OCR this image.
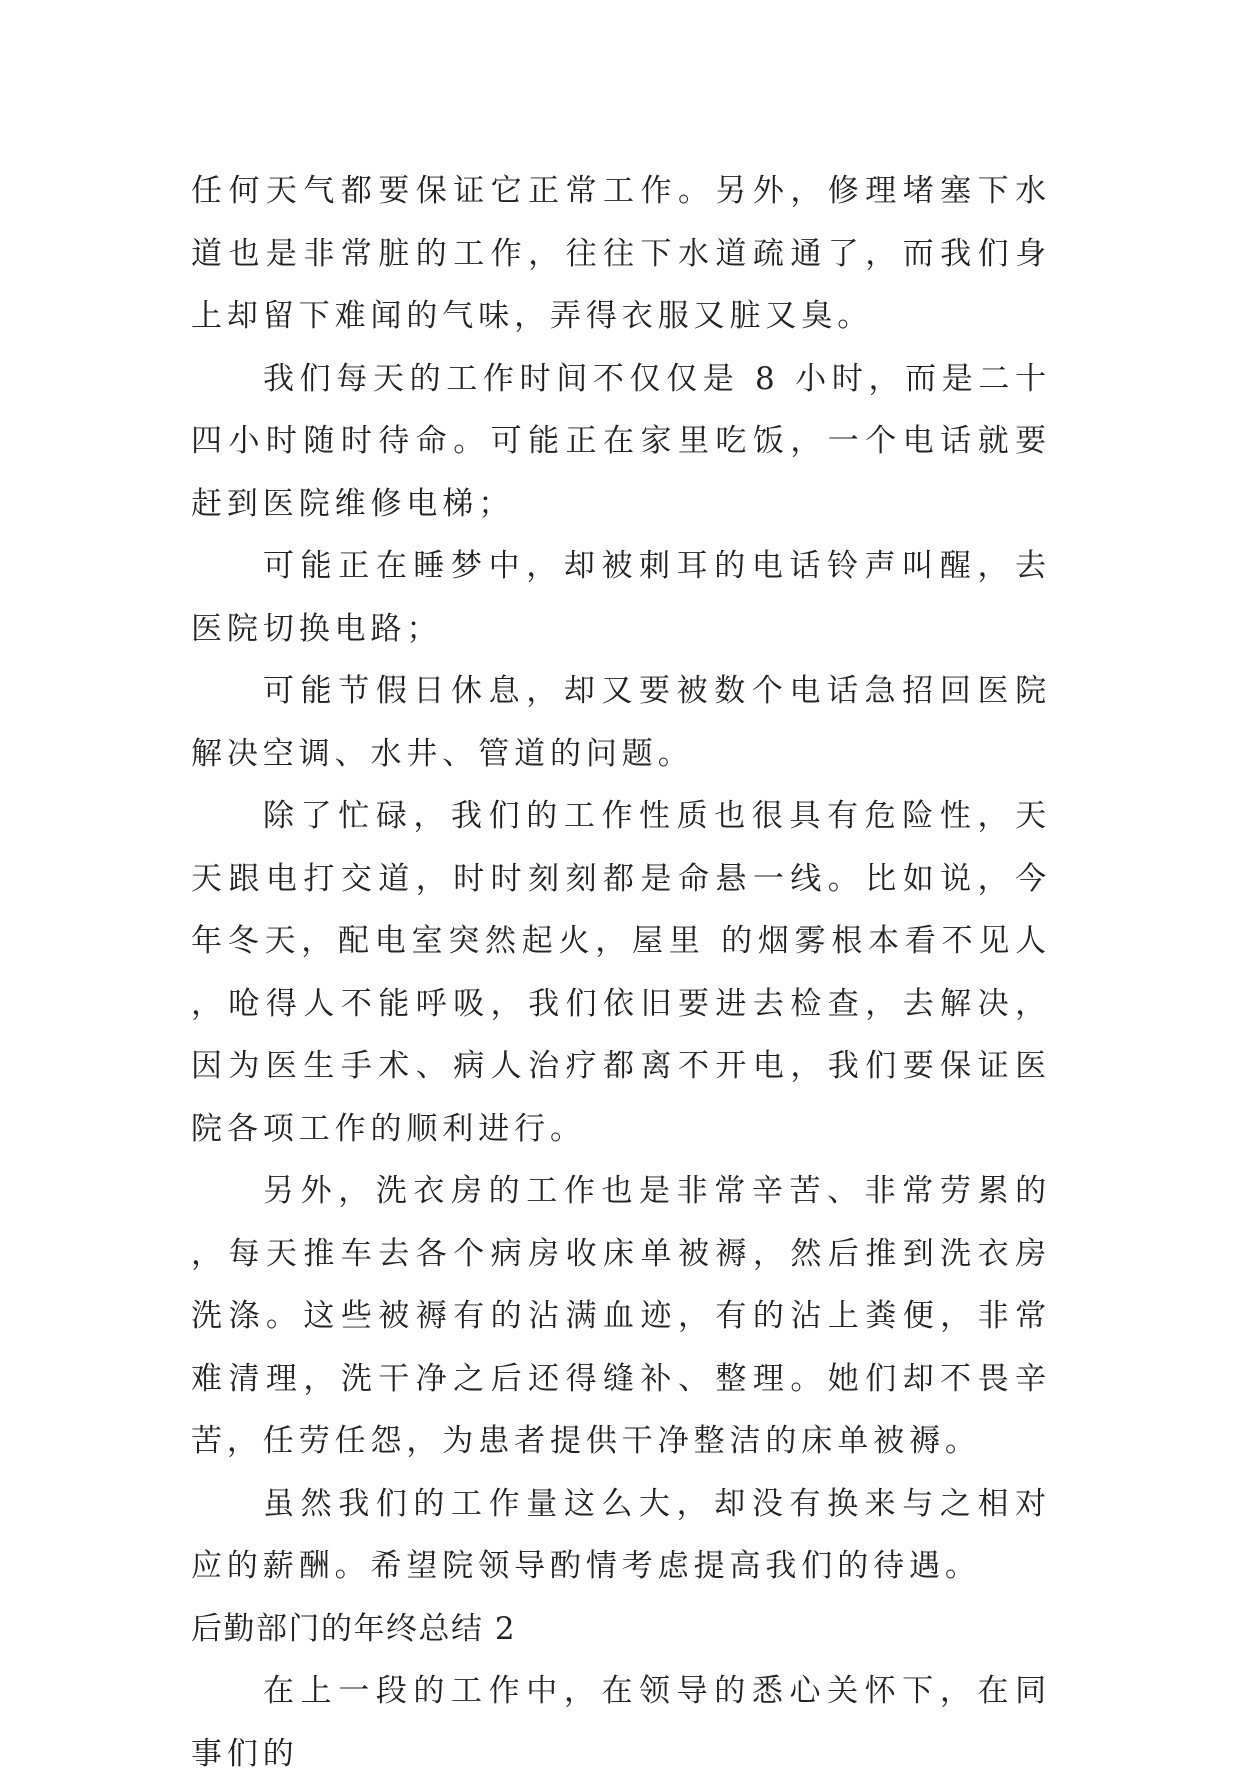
任何天气都要保证它正常工作。另外，修理堵塞下水道也是非常脏的工作，往往下水道疏通了，而我们身上却留下难闻的气味，弄得衣服又脏又臭。

我们每天的工作时间不仅仅是 8 小时，而是二十四小时随时待命。可能正在家里吃饭，一个电话就要赶到医院维修电梯；

可能正在睡梦中，却被刺耳的电话铃声叫醒，去医院切换电路；

可能节假日休息，却又要被数个电话急招回医院解决空调、水井、管道的问题。

除了忙碌，我们的工作性质也很具有危险性，天天跟电打交道，时时刻刻都是命悬一线。比如说，今年冬天，配电室突然起火，屋里 的烟雾根本看不见人，呛得人不能呼吸，我们依旧要进去检查，去解决，因为医生手术、病人治疗都离不开电，我们要保证医院各项工作的顺利进行。

另外，洗衣房的工作也是非常辛苦、非常劳累的，每天推车去各个病房收床单被褥，然后推到洗衣房洗涤。这些被褥有的沾满血迹，有的沾上粪便，非常难清理，洗干净之后还得缝补、整理。她们却不畏辛苦，任劳任怨，为患者提供干净整洁的床单被褥。

虽然我们的工作量这么大，却没有换来与之相对应的薪酬。希望院领导酌情考虑提高我们的待遇。

后勤部门的年终总结 2

在上一段的工作中，在领导的悉心关怀下，在同事们的
